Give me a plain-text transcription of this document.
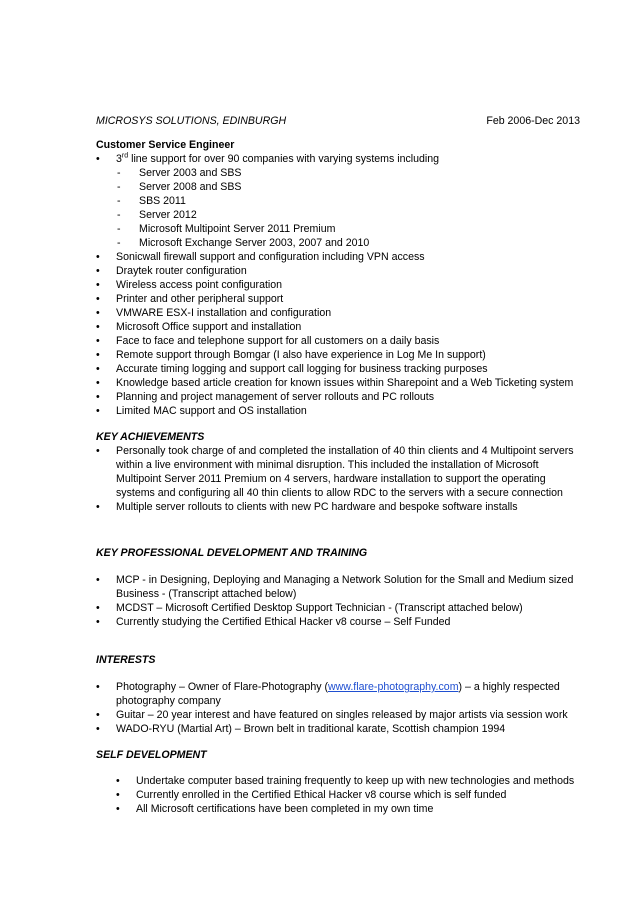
MICROSYS SOLUTIONS, EDINBURGH	Feb 2006-Dec 2013
Customer Service Engineer
• 3rd line support for over 90 companies with varying systems including
- Server 2003 and SBS
- Server 2008 and SBS
- SBS 2011
- Server 2012
- Microsoft Multipoint Server 2011 Premium
- Microsoft Exchange Server 2003, 2007 and 2010
• Sonicwall firewall support and configuration including VPN access
• Draytek router configuration
• Wireless access point configuration
• Printer and other peripheral support
• VMWARE ESX-I installation and configuration
• Microsoft Office support and installation
• Face to face and telephone support for all customers on a daily basis
• Remote support through Bomgar (I also have experience in Log Me In support)
• Accurate timing logging and support call logging for business tracking purposes
• Knowledge based article creation for known issues within Sharepoint and a Web Ticketing system
• Planning and project management of server rollouts and PC rollouts
• Limited MAC support and OS installation
KEY ACHIEVEMENTS
• Personally took charge of and completed the installation of 40 thin clients and 4 Multipoint servers within a live environment with minimal disruption. This included the installation of Microsoft Multipoint Server 2011 Premium on 4 servers, hardware installation to support the operating systems and configuring all 40 thin clients to allow RDC to the servers with a secure connection
• Multiple server rollouts to clients with new PC hardware and bespoke software installs
KEY PROFESSIONAL DEVELOPMENT AND TRAINING
• MCP - in Designing, Deploying and Managing a Network Solution for the Small and Medium sized Business - (Transcript attached below)
• MCDST – Microsoft Certified Desktop Support Technician - (Transcript attached below)
• Currently studying the Certified Ethical Hacker v8 course – Self Funded
INTERESTS
• Photography – Owner of Flare-Photography (www.flare-photography.com) – a highly respected photography company
• Guitar – 20 year interest and have featured on singles released by major artists via session work
• WADO-RYU (Martial Art) – Brown belt in traditional karate, Scottish champion 1994
SELF DEVELOPMENT
• Undertake computer based training frequently to keep up with new technologies and methods
• Currently enrolled in the Certified Ethical Hacker v8 course which is self funded
• All Microsoft certifications have been completed in my own time
